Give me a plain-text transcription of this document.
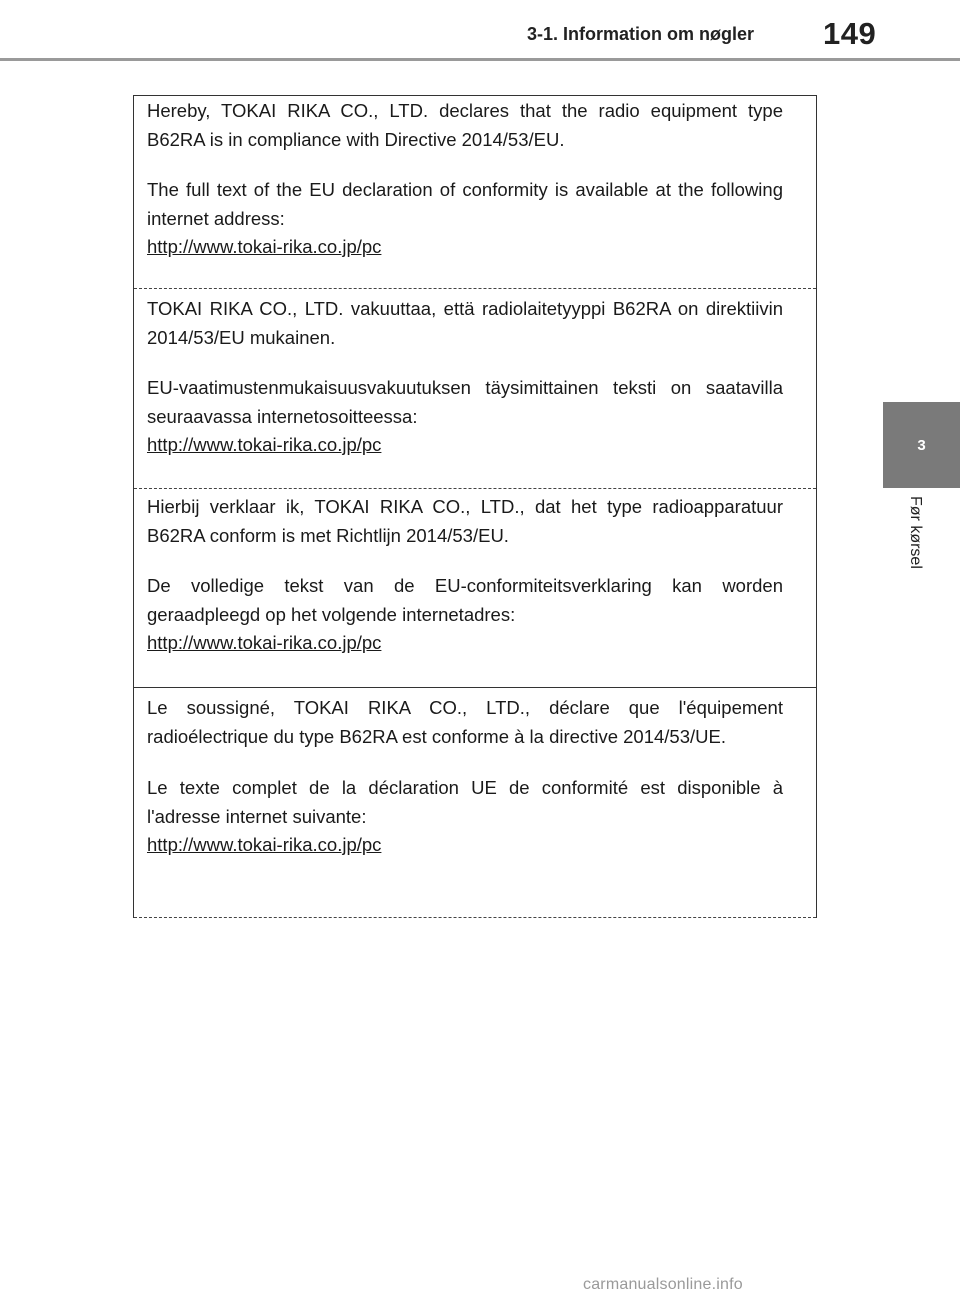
3-1. Information om nøgler 149
3
Før kørsel

Hereby, TOKAI RIKA CO., LTD. declares that the radio equipment type B62RA is in compliance with Directive 2014/53/EU.

The full text of the EU declaration of conformity is available at the following internet address:

http://www.tokai-rika.co.jp/pc

TOKAI RIKA CO., LTD. vakuuttaa, että radiolaitetyyppi B62RA on direktiivin 2014/53/EU mukainen.

EU-vaatimustenmukaisuusvakuutuksen täysimittainen teksti on saatavilla seuraavassa internetosoitteessa:

http://www.tokai-rika.co.jp/pc

Hierbij verklaar ik, TOKAI RIKA CO., LTD., dat het type radioapparatuur B62RA conform is met Richtlijn 2014/53/EU.

De volledige tekst van de EU-conformiteitsverklaring kan worden geraadpleegd op het volgende internetadres:

http://www.tokai-rika.co.jp/pc

Le soussigné, TOKAI RIKA CO., LTD., déclare que l'équipement radioélectrique du type B62RA est conforme à la directive 2014/53/UE.

Le texte complet de la déclaration UE de conformité est disponible à l'adresse internet suivante:

http://www.tokai-rika.co.jp/pc
carmanualsonline.info
